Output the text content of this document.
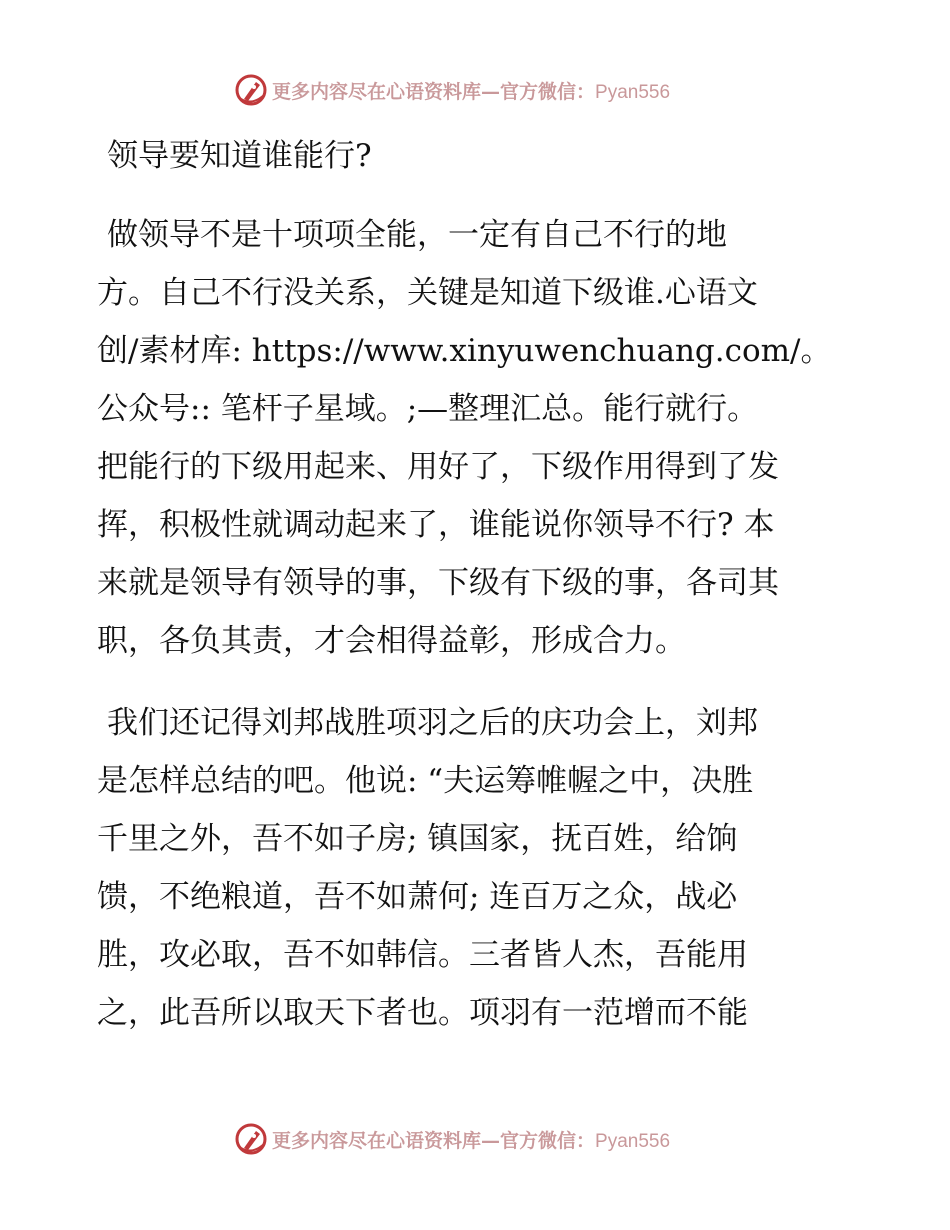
更多内容尽在心语资料库—官方微信：Pyan556
领导要知道谁能行?
做领导不是十项项全能，一定有自己不行的地
方。自己不行没关系，关键是知道下级谁.心语文
创/素材库: https://www.xinyuwenchuang.com/。
公众号:: 笔杆子星域。;—整理汇总。能行就行。
把能行的下级用起来、用好了，下级作用得到了发
挥，积极性就调动起来了，谁能说你领导不行? 本
来就是领导有领导的事，下级有下级的事，各司其
职，各负其责，才会相得益彰，形成合力。
我们还记得刘邦战胜项羽之后的庆功会上，刘邦
是怎样总结的吧。他说: “夫运筹帷幄之中，决胜
千里之外，吾不如子房; 镇国家，抚百姓，给饷
馈，不绝粮道，吾不如萧何; 连百万之众，战必
胜，攻必取，吾不如韩信。三者皆人杰，吾能用
之，此吾所以取天下者也。项羽有一范增而不能
更多内容尽在心语资料库—官方微信：Pyan556
